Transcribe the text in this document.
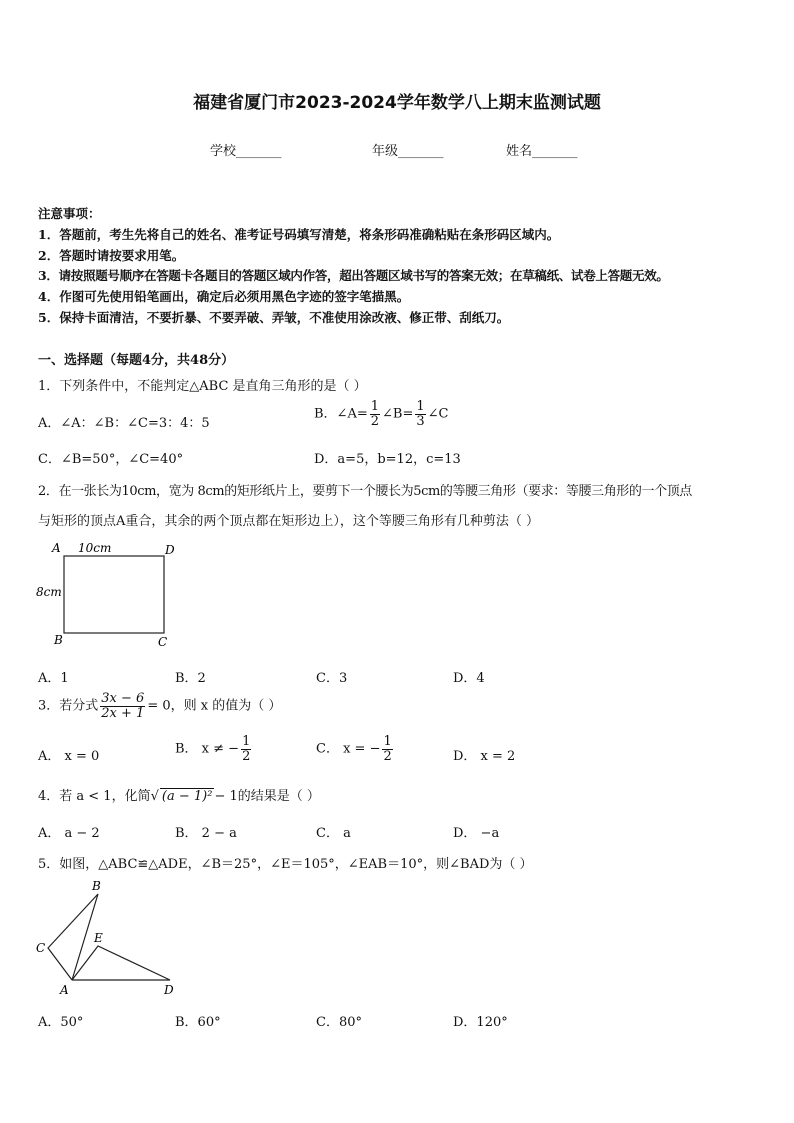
福建省厦门市2023-2024学年数学八上期末监测试题
学校_______	年级_______	姓名_______
注意事项：
1．答题前，考生先将自己的姓名、准考证号码填写清楚，将条形码准确粘贴在条形码区域内。
2．答题时请按要求用笔。
3．请按照题号顺序在答题卡各题目的答题区域内作答，超出答题区域书写的答案无效；在草稿纸、试卷上答题无效。
4．作图可先使用铅笔画出，确定后必须用黑色字迹的签字笔描黑。
5．保持卡面清洁，不要折暴、不要弄破、弄皱，不准使用涂改液、修正带、刮纸刀。
一、选择题（每题4分，共48分）
1．下列条件中，不能判定△ABC 是直角三角形的是（ ）
A．∠A：∠B：∠C=3：4：5
B．∠A= $\frac{1}{2}$ ∠B= $\frac{1}{3}$ ∠C
C．∠B=50°，∠C=40°	D．a=5，b=12，c=13
2．在一张长为10cm，宽为 8cm的矩形纸片上，要剪下一个腰长为5cm的等腰三角形（要求：等腰三角形的一个顶点
与矩形的顶点A重合，其余的两个顶点都在矩形边上），这个等腰三角形有几种剪法（ ）
A 10cm	D
8cm
B	C
A．1	B．2	C．3	D．4
3．若分式 $\frac{3x - 6}{2x + 1} = 0$，则 x 的值为（ ）
A． x = 0	B． x ≠ − $\frac{1}{2}$	C． x = − $\frac{1}{2}$	D． x = 2
4．若 a < 1，化简√ (a − 1)² − 1的结果是（ ）
A． a − 2	B． 2 − a	C． a	D． −a
5．如图，△ABC≌△ADE，∠B＝25°，∠E＝105°，∠EAB＝10°，则∠BAD为（ ）
B
C
E
A	D
A．50°	B．60°	C．80°	D．120°
